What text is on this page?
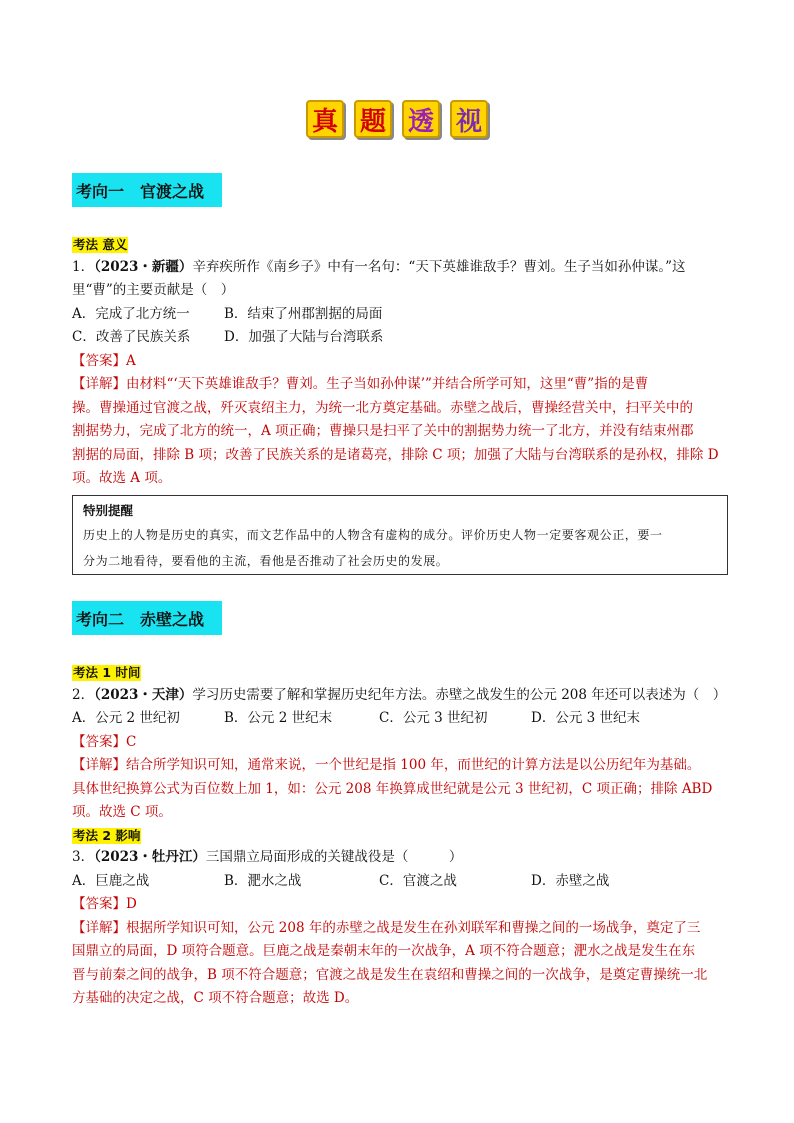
真 题 透 视
考向一　官渡之战
考法 意义
1．（2023・新疆）辛弃疾所作《南乡子》中有一名句：“天下英雄谁敌手？曹刘。生子当如孙仲谋。”这
里“曹”的主要贡献是（　）
A．完成了北方统一	B．结束了州郡割据的局面
C．改善了民族关系 D．加强了大陆与台湾联系
【答案】A
【详解】由材料“‘天下英雄谁敌手？曹刘。生子当如孙仲谋’”并结合所学可知，这里“曹”指的是曹
操。曹操通过官渡之战，歼灭袁绍主力，为统一北方奠定基础。赤壁之战后，曹操经营关中，扫平关中的
割据势力，完成了北方的统一，A 项正确；曹操只是扫平了关中的割据势力统一了北方，并没有结束州郡
割据的局面，排除 B 项；改善了民族关系的是诸葛亮，排除 C 项；加强了大陆与台湾联系的是孙权，排除 D
项。故选 A 项。
特别提醒
历史上的人物是历史的真实，而文艺作品中的人物含有虚构的成分。评价历史人物一定要客观公正，要一
分为二地看待，要看他的主流，看他是否推动了社会历史的发展。
考向二　赤壁之战
考法 1 时间
2．（2023・天津）学习历史需要了解和掌握历史纪年方法。赤壁之战发生的公元 208 年还可以表述为（　）
A．公元 2 世纪初	B．公元 2 世纪末	C．公元 3 世纪初	D．公元 3 世纪末
【答案】C
【详解】结合所学知识可知，通常来说，一个世纪是指 100 年，而世纪的计算方法是以公历纪年为基础。
具体世纪换算公式为百位数上加 1，如：公元 208 年换算成世纪就是公元 3 世纪初，C 项正确；排除 ABD
项。故选 C 项。
考法 2 影响
3．（2023・牡丹江）三国鼎立局面形成的关键战役是（　　　）
A．巨鹿之战	B．淝水之战	C．官渡之战	D．赤壁之战
【答案】D
【详解】根据所学知识可知，公元 208 年的赤壁之战是发生在孙刘联军和曹操之间的一场战争，奠定了三
国鼎立的局面，D 项符合题意。巨鹿之战是秦朝末年的一次战争，A 项不符合题意；淝水之战是发生在东
晋与前秦之间的战争，B 项不符合题意；官渡之战是发生在袁绍和曹操之间的一次战争，是奠定曹操统一北
方基础的决定之战，C 项不符合题意；故选 D。
